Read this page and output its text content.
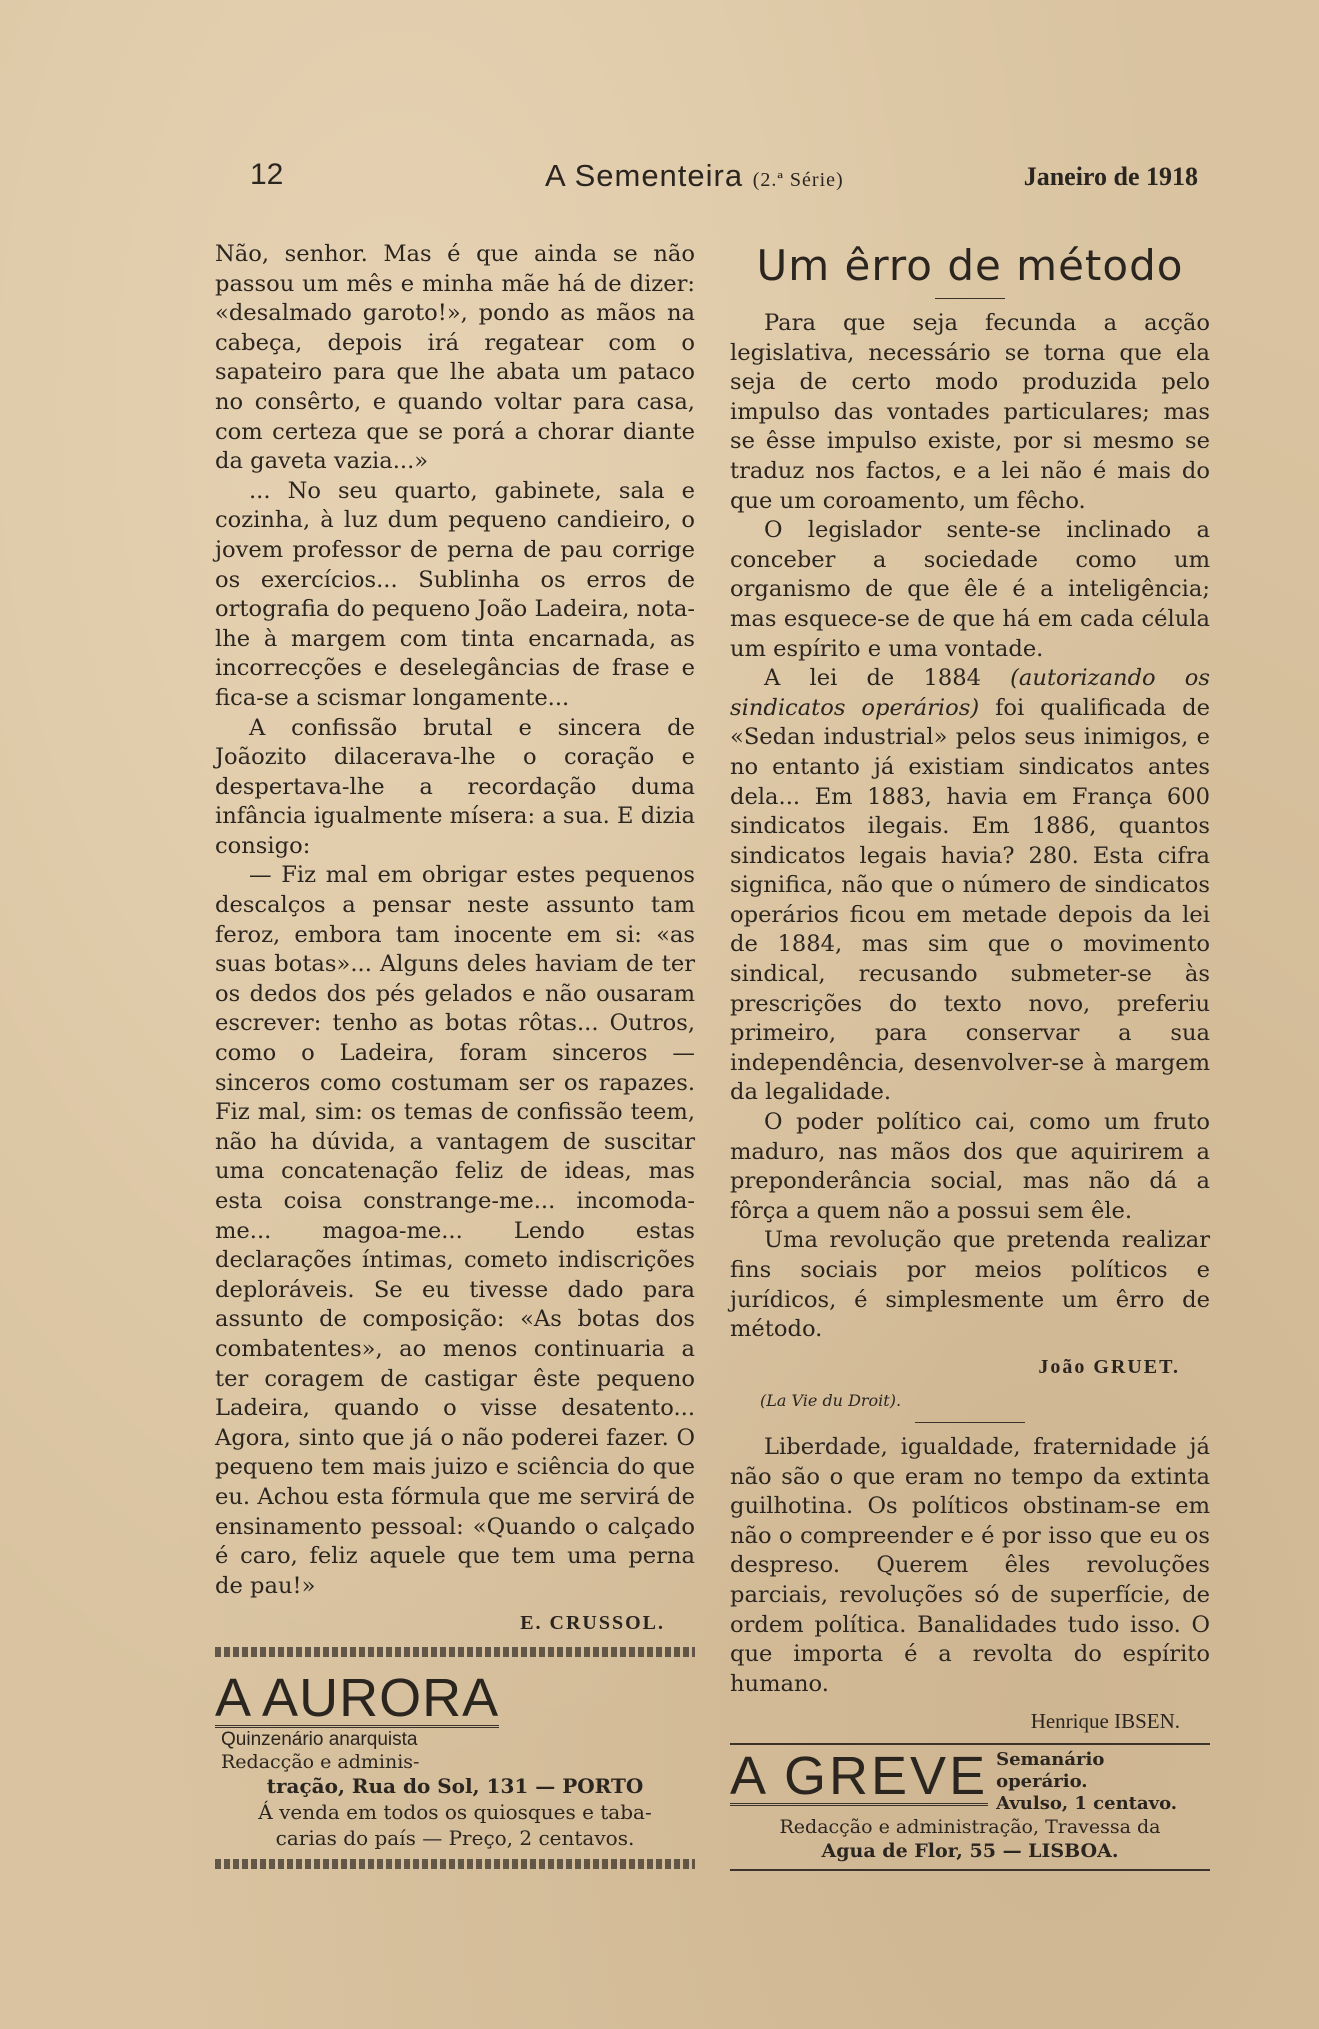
12	A Sementeira (2.ª Série)	Janeiro de 1918

Não, senhor. Mas é que ainda se não passou um mês e minha mãe há de dizer: «desalmado garoto!», pondo as mãos na cabeça, depois irá regatear com o sapateiro para que lhe abata um pataco no consêrto, e quando voltar para casa, com certeza que se porá a chorar diante da gaveta vazia...»

... No seu quarto, gabinete, sala e cozinha, à luz dum pequeno candieiro, o jovem professor de perna de pau corrige os exercícios... Sublinha os erros de ortografia do pequeno João Ladeira, nota-lhe à margem com tinta encarnada, as incorrecções e deselegâncias de frase e fica-se a scismar longamente...

A confissão brutal e sincera de Joãozito dilacerava-lhe o coração e despertava-lhe a recordação duma infância igualmente mísera: a sua. E dizia consigo:

— Fiz mal em obrigar estes pequenos descalços a pensar neste assunto tam feroz, embora tam inocente em si: «as suas botas»... Alguns deles haviam de ter os dedos dos pés gelados e não ousaram escrever: tenho as botas rôtas... Outros, como o Ladeira, foram sinceros — sinceros como costumam ser os rapazes. Fiz mal, sim: os temas de confissão teem, não ha dúvida, a vantagem de suscitar uma concatenação feliz de ideas, mas esta coisa constrange-me... incomoda-me... magoa-me... Lendo estas declarações íntimas, cometo indiscrições deploráveis. Se eu tivesse dado para assunto de composição: «As botas dos combatentes», ao menos continuaria a ter coragem de castigar êste pequeno Ladeira, quando o visse desatento... Agora, sinto que já o não poderei fazer. O pequeno tem mais juizo e sciência do que eu. Achou esta fórmula que me servirá de ensinamento pessoal: «Quando o calçado é caro, feliz aquele que tem uma perna de pau!»

E. CRUSSOL.
A AURORAQuinzenário anarquista
Redacção e adminis-
tração, Rua do Sol, 131 — PORTO
Á venda em todos os quiosques e taba-
carias do país — Preço, 2 centavos.
Um êrro de método

Para que seja fecunda a acção legislativa, necessário se torna que ela seja de certo modo produzida pelo impulso das vontades particulares; mas se êsse impulso existe, por si mesmo se traduz nos factos, e a lei não é mais do que um coroamento, um fêcho.

O legislador sente-se inclinado a conceber a sociedade como um organismo de que êle é a inteligência; mas esquece-se de que há em cada célula um espírito e uma vontade.

A lei de 1884 (autorizando os sindicatos operários) foi qualificada de «Sedan industrial» pelos seus inimigos, e no entanto já existiam sindicatos antes dela... Em 1883, havia em França 600 sindicatos ilegais. Em 1886, quantos sindicatos legais havia? 280. Esta cifra significa, não que o número de sindicatos operários ficou em metade depois da lei de 1884, mas sim que o movimento sindical, recusando submeter-se às prescrições do texto novo, preferiu primeiro, para conservar a sua independência, desenvolver-se à margem da legalidade.

O poder político cai, como um fruto maduro, nas mãos dos que aquirirem a preponderância social, mas não dá a fôrça a quem não a possui sem êle.

Uma revolução que pretenda realizar fins sociais por meios políticos e jurídicos, é simplesmente um êrro de método.

João GRUET.
(La Vie du Droit).

Liberdade, igualdade, fraternidade já não são o que eram no tempo da extinta guilhotina. Os políticos obstinam-se em não o compreender e é por isso que eu os despreso. Querem êles revoluções parciais, revoluções só de superfície, de ordem política. Banalidades tudo isso. O que importa é a revolta do espírito humano.

Henrique IBSEN.
A GREVE Semanário operário.
Avulso, 1 centavo.
Redacção e administração, Travessa da
Agua de Flor, 55 — LISBOA.
